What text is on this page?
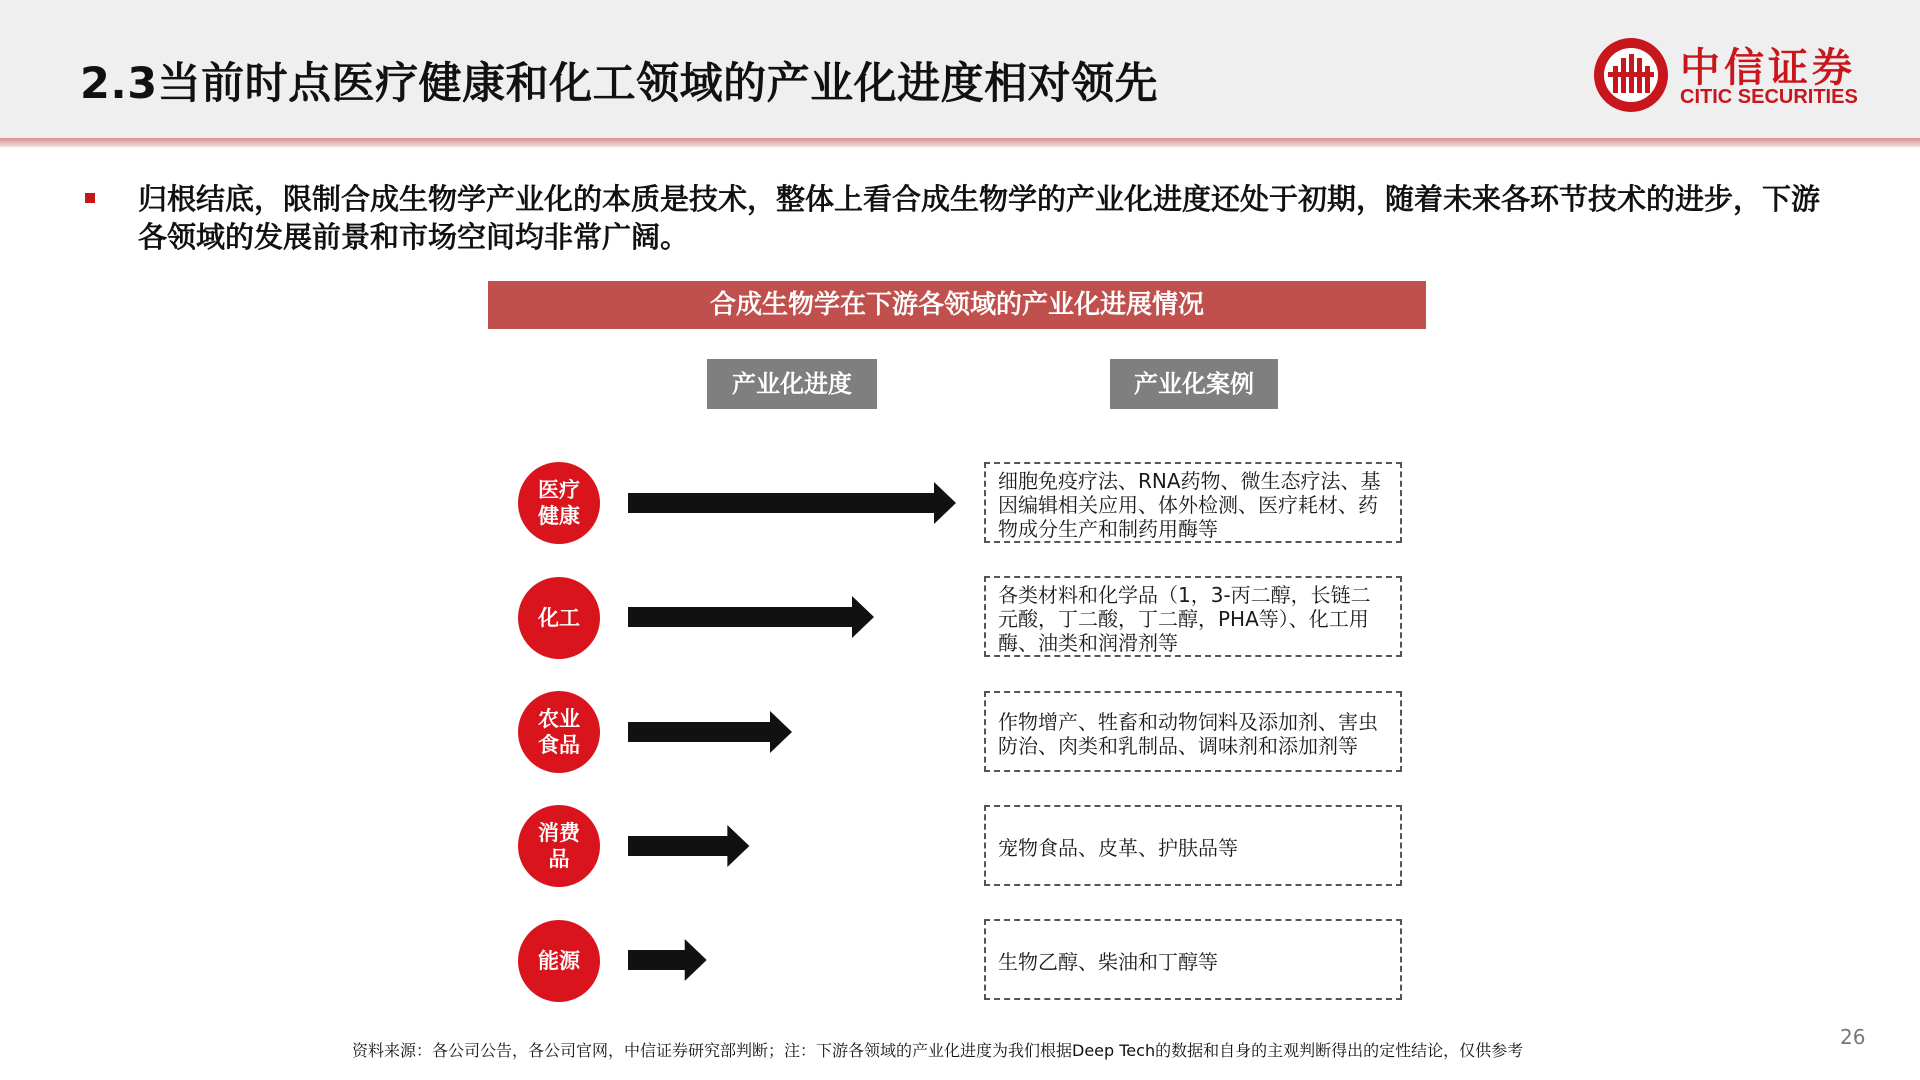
2.3当前时点医疗健康和化工领域的产业化进度相对领先	中信证券
CITIC SECURITIES
归根结底，限制合成生物学产业化的本质是技术，整体上看合成生物学的产业化进度还处于初期，随着未来各环节技术的进步，下游各领域的发展前景和市场空间均非常广阔。
合成生物学在下游各领域的产业化进展情况
产业化进度	产业化案例
医疗健康
化工
农业食品
消费品
能源
细胞免疫疗法、RNA药物、微生态疗法、基因编辑相关应用、体外检测、医疗耗材、药物成分生产和制药用酶等
各类材料和化学品（1，3-丙二醇，长链二元酸，丁二酸，丁二醇，PHA等）、化工用酶、油类和润滑剂等
作物增产、牲畜和动物饲料及添加剂、害虫防治、肉类和乳制品、调味剂和添加剂等
宠物食品、皮革、护肤品等
生物乙醇、柴油和丁醇等
资料来源：各公司公告，各公司官网，中信证券研究部判断；注：下游各领域的产业化进度为我们根据Deep Tech的数据和自身的主观判断得出的定性结论，仅供参考
26
